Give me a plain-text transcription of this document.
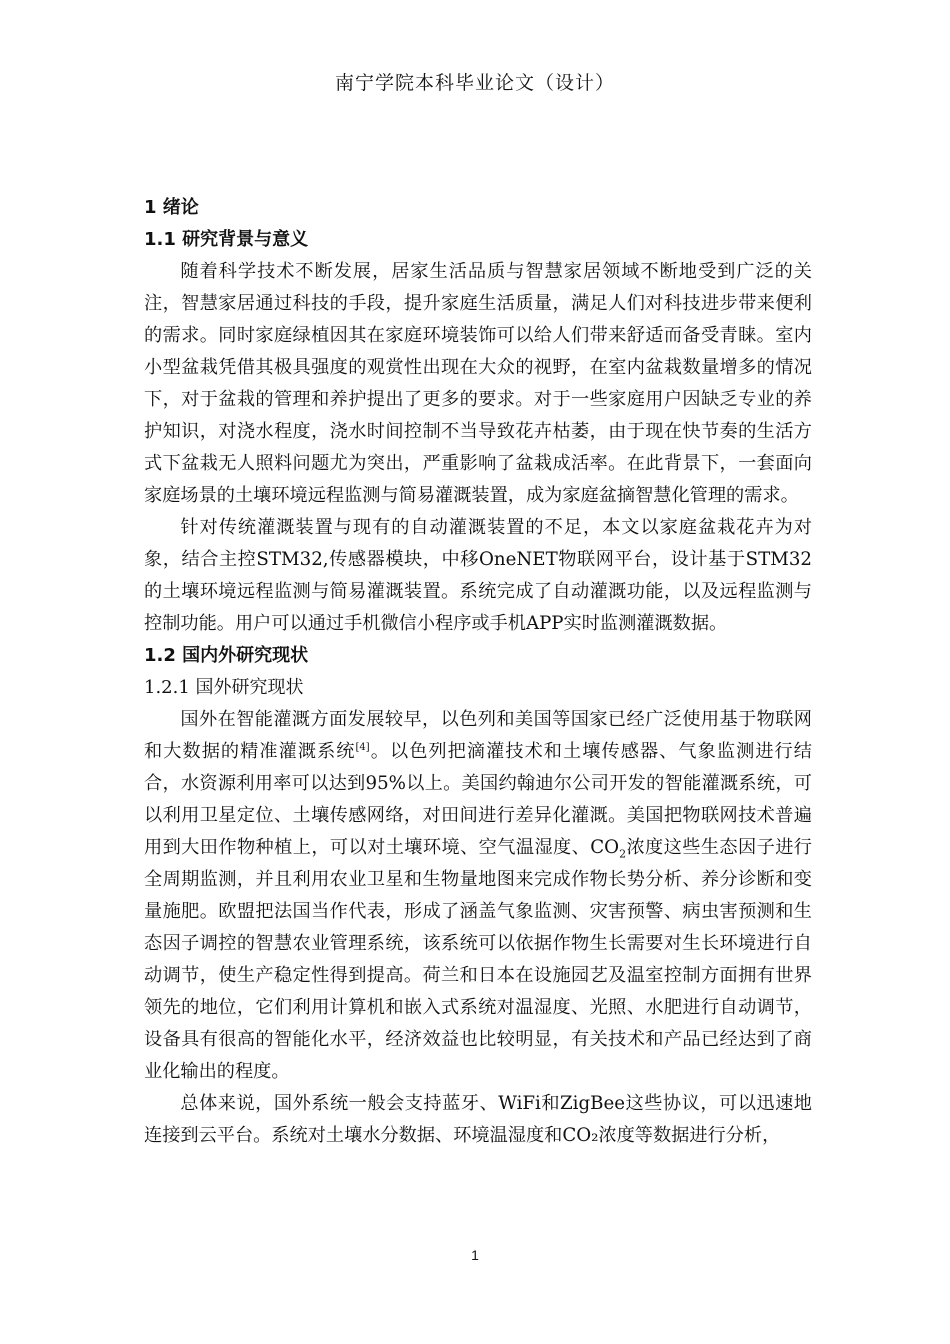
南宁学院本科毕业论文（设计）

1 绪论

1.1 研究背景与意义

随着科学技术不断发展，居家生活品质与智慧家居领域不断地受到广泛的关注，智慧家居通过科技的手段，提升家庭生活质量，满足人们对科技进步带来便利的需求。同时家庭绿植因其在家庭环境装饰可以给人们带来舒适而备受青睐。室内小型盆栽凭借其极具强度的观赏性出现在大众的视野，在室内盆栽数量增多的情况下，对于盆栽的管理和养护提出了更多的要求。对于一些家庭用户因缺乏专业的养护知识，对浇水程度，浇水时间控制不当导致花卉枯萎，由于现在快节奏的生活方式下盆栽无人照料问题尤为突出，严重影响了盆栽成活率。在此背景下，一套面向家庭场景的土壤环境远程监测与简易灌溉装置，成为家庭盆摘智慧化管理的需求。

针对传统灌溉装置与现有的自动灌溉装置的不足，本文以家庭盆栽花卉为对象，结合主控STM32,传感器模块，中移OneNET物联网平台，设计基于STM32的土壤环境远程监测与简易灌溉装置。系统完成了自动灌溉功能，以及远程监测与控制功能。用户可以通过手机微信小程序或手机APP实时监测灌溉数据。

1.2 国内外研究现状

1.2.1 国外研究现状

国外在智能灌溉方面发展较早，以色列和美国等国家已经广泛使用基于物联网和大数据的精准灌溉系统[4]。以色列把滴灌技术和土壤传感器、气象监测进行结合，水资源利用率可以达到95%以上。美国约翰迪尔公司开发的智能灌溉系统，可以利用卫星定位、土壤传感网络，对田间进行差异化灌溉。美国把物联网技术普遍用到大田作物种植上，可以对土壤环境、空气温湿度、$CO_2$浓度这些生态因子进行全周期监测，并且利用农业卫星和生物量地图来完成作物长势分析、养分诊断和变量施肥。欧盟把法国当作代表，形成了涵盖气象监测、灾害预警、病虫害预测和生态因子调控的智慧农业管理系统，该系统可以依据作物生长需要对生长环境进行自动调节，使生产稳定性得到提高。荷兰和日本在设施园艺及温室控制方面拥有世界领先的地位，它们利用计算机和嵌入式系统对温湿度、光照、水肥进行自动调节，设备具有很高的智能化水平，经济效益也比较明显，有关技术和产品已经达到了商业化输出的程度。

总体来说，国外系统一般会支持蓝牙、WiFi和ZigBee这些协议，可以迅速地连接到云平台。系统对土壤水分数据、环境温湿度和CO₂浓度等数据进行分析，

1
